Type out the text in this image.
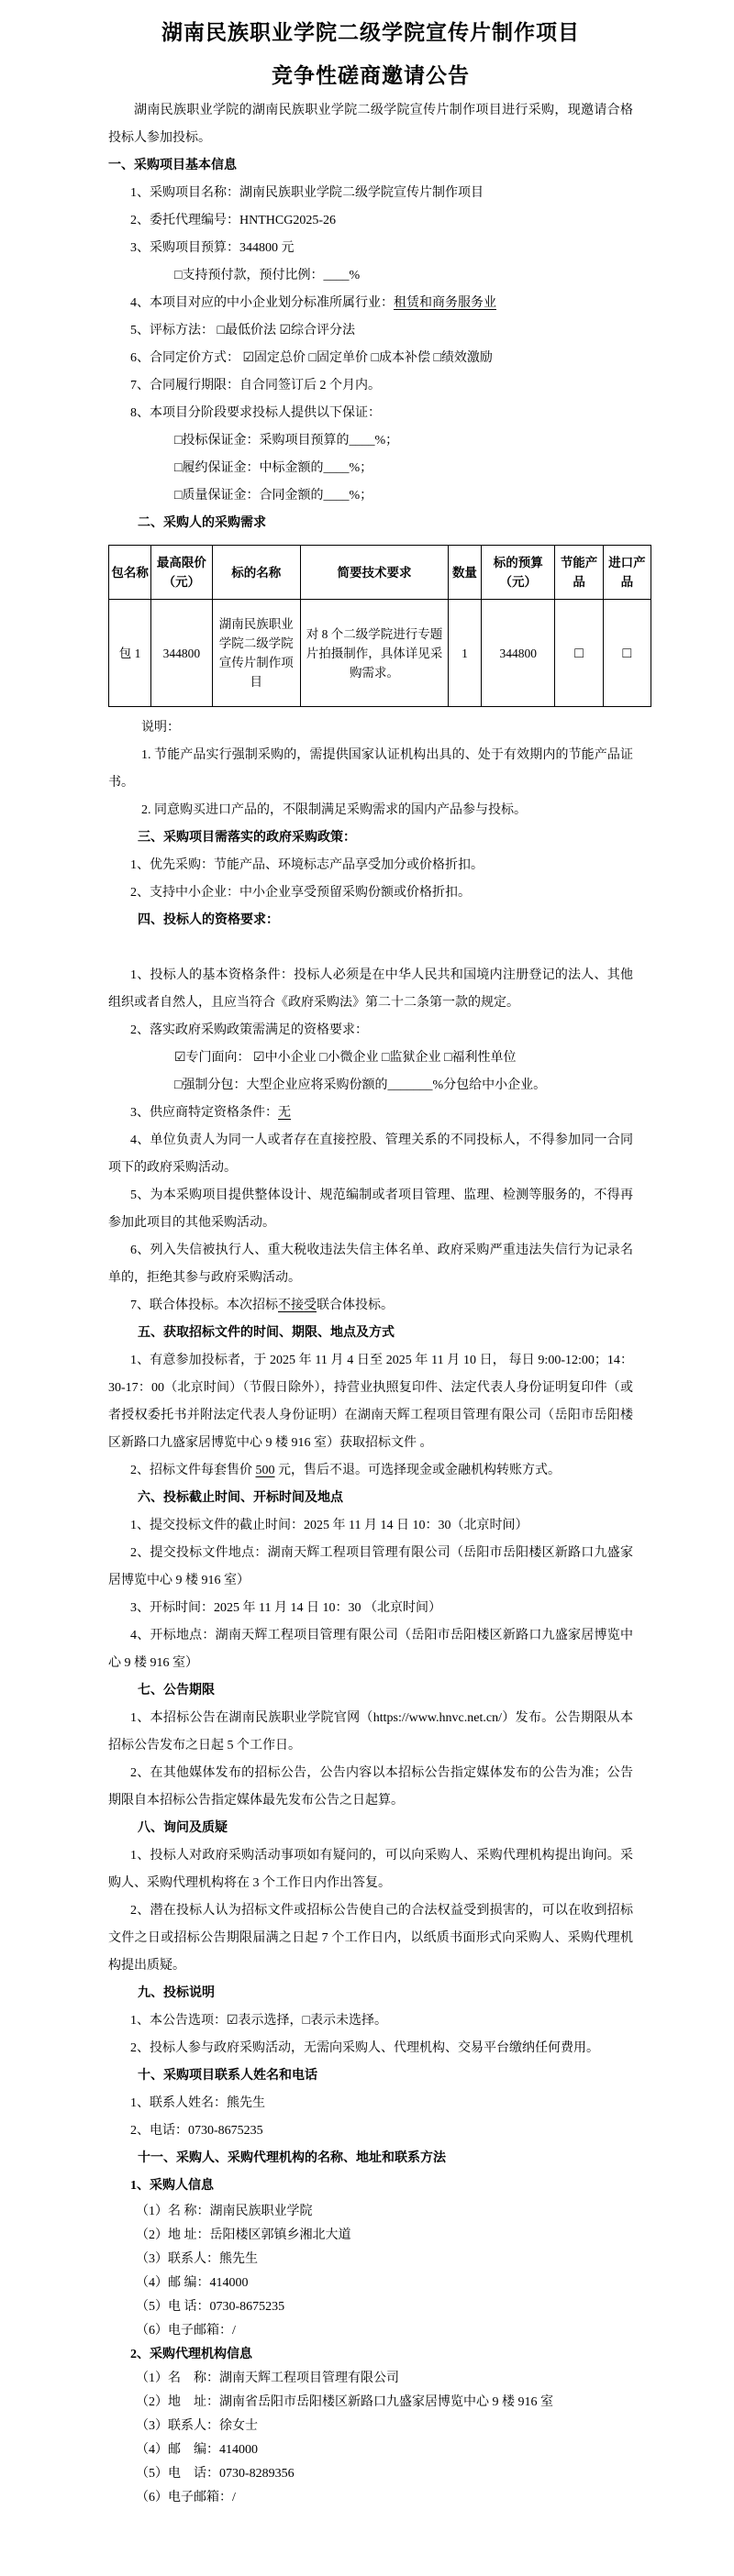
湖南民族职业学院二级学院宣传片制作项目
竞争性磋商邀请公告
湖南民族职业学院的湖南民族职业学院二级学院宣传片制作项目进行采购，现邀请合格投标人参加投标。
一、采购项目基本信息
1、采购项目名称：湖南民族职业学院二级学院宣传片制作项目
2、委托代理编号：HNTHCG2025-26
3、采购项目预算：344800 元
□支持预付款，预付比例：____%
4、本项目对应的中小企业划分标准所属行业：租赁和商务服务业
5、评标方法： □最低价法 ☑综合评分法
6、合同定价方式： ☑固定总价 □固定单价 □成本补偿 □绩效激励
7、合同履行期限：自合同签订后 2 个月内。
8、本项目分阶段要求投标人提供以下保证：
□投标保证金：采购项目预算的____%；
□履约保证金：中标金额的____%；
□质量保证金：合同金额的____%；
二、采购人的采购需求
包名称	最高限价（元）	标的名称	简要技术要求	数量	标的预算（元）	节能产品	进口产品
包 1	344800	湖南民族职业学院二级学院宣传片制作项目	对 8 个二级学院进行专题片拍摄制作，具体详见采购需求。	1	344800	□	□
说明：
1. 节能产品实行强制采购的，需提供国家认证机构出具的、处于有效期内的节能产品证书。
2. 同意购买进口产品的，不限制满足采购需求的国内产品参与投标。
三、采购项目需落实的政府采购政策：
1、优先采购：节能产品、环境标志产品享受加分或价格折扣。
2、支持中小企业：中小企业享受预留采购份额或价格折扣。
四、投标人的资格要求：
1、投标人的基本资格条件：投标人必须是在中华人民共和国境内注册登记的法人、其他组织或者自然人，且应当符合《政府采购法》第二十二条第一款的规定。
2、落实政府采购政策需满足的资格要求：
☑专门面向： ☑中小企业 □小微企业 □监狱企业 □福利性单位
□强制分包：大型企业应将采购份额的_______%分包给中小企业。
3、供应商特定资格条件：无
4、单位负责人为同一人或者存在直接控股、管理关系的不同投标人，不得参加同一合同项下的政府采购活动。
5、为本采购项目提供整体设计、规范编制或者项目管理、监理、检测等服务的，不得再参加此项目的其他采购活动。
6、列入失信被执行人、重大税收违法失信主体名单、政府采购严重违法失信行为记录名单的，拒绝其参与政府采购活动。
7、联合体投标。本次招标不接受联合体投标。
五、获取招标文件的时间、期限、地点及方式
1、有意参加投标者，于 2025 年 11 月 4 日至 2025 年 11 月 10 日， 每日 9:00-12:00；14：30-17：00（北京时间）（节假日除外），持营业执照复印件、法定代表人身份证明复印件（或者授权委托书并附法定代表人身份证明）在湖南天辉工程项目管理有限公司（岳阳市岳阳楼区新路口九盛家居博览中心 9 楼 916 室）获取招标文件 。
2、招标文件每套售价 500 元，售后不退。可选择现金或金融机构转账方式。
六、投标截止时间、开标时间及地点
1、提交投标文件的截止时间：2025 年 11 月 14 日 10：30（北京时间）
2、提交投标文件地点：湖南天辉工程项目管理有限公司（岳阳市岳阳楼区新路口九盛家居博览中心 9 楼 916 室）
3、开标时间：2025 年 11 月 14 日 10：30 （北京时间）
4、开标地点：湖南天辉工程项目管理有限公司（岳阳市岳阳楼区新路口九盛家居博览中心 9 楼 916 室）
七、公告期限
1、本招标公告在湖南民族职业学院官网（https://www.hnvc.net.cn/）发布。公告期限从本招标公告发布之日起 5 个工作日。
2、在其他媒体发布的招标公告，公告内容以本招标公告指定媒体发布的公告为准；公告期限自本招标公告指定媒体最先发布公告之日起算。
八、询问及质疑
1、投标人对政府采购活动事项如有疑问的，可以向采购人、采购代理机构提出询问。采购人、采购代理机构将在 3 个工作日内作出答复。
2、潜在投标人认为招标文件或招标公告使自己的合法权益受到损害的，可以在收到招标文件之日或招标公告期限届满之日起 7 个工作日内，以纸质书面形式向采购人、采购代理机构提出质疑。
九、投标说明
1、本公告选项：☑表示选择，□表示未选择。
2、投标人参与政府采购活动，无需向采购人、代理机构、交易平台缴纳任何费用。
十、采购项目联系人姓名和电话
1、联系人姓名：熊先生
2、电话：0730-8675235
十一、采购人、采购代理机构的名称、地址和联系方法
1、采购人信息
（1）名 称：湖南民族职业学院
（2）地 址：岳阳楼区郭镇乡湘北大道
（3）联系人：熊先生
（4）邮 编：414000
（5）电 话：0730-8675235
（6）电子邮箱：/
2、采购代理机构信息
（1）名　称：湖南天辉工程项目管理有限公司
（2）地　址：湖南省岳阳市岳阳楼区新路口九盛家居博览中心 9 楼 916 室
（3）联系人：徐女士
（4）邮　编：414000
（5）电　话：0730-8289356
（6）电子邮箱：/
